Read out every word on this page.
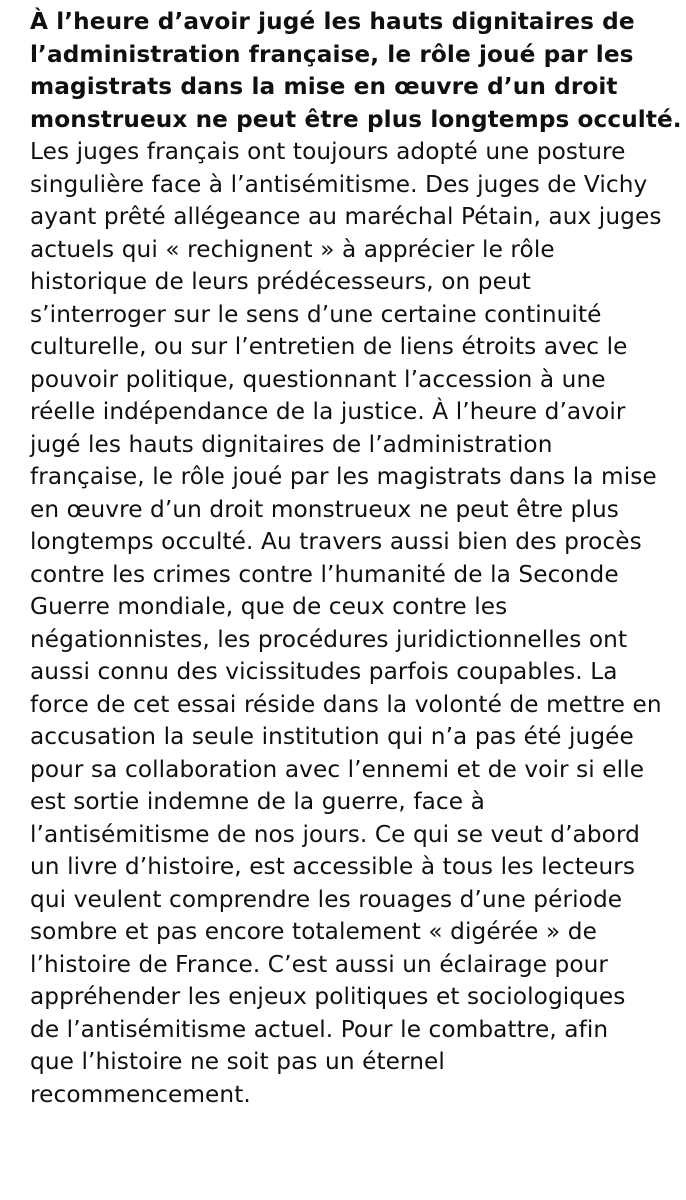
À l’heure d’avoir jugé les hauts dignitaires de
l’administration française, le rôle joué par les
magistrats dans la mise en œuvre d’un droit
monstrueux ne peut être plus longtemps occulté.
Les juges français ont toujours adopté une posture
singulière face à l’antisémitisme. Des juges de Vichy
ayant prêté allégeance au maréchal Pétain, aux juges
actuels qui « rechignent » à apprécier le rôle
historique de leurs prédécesseurs, on peut
s’interroger sur le sens d’une certaine continuité
culturelle, ou sur l’entretien de liens étroits avec le
pouvoir politique, questionnant l’accession à une
réelle indépendance de la justice. À l’heure d’avoir
jugé les hauts dignitaires de l’administration
française, le rôle joué par les magistrats dans la mise
en œuvre d’un droit monstrueux ne peut être plus
longtemps occulté. Au travers aussi bien des procès
contre les crimes contre l’humanité de la Seconde
Guerre mondiale, que de ceux contre les
négationnistes, les procédures juridictionnelles ont
aussi connu des vicissitudes parfois coupables. La
force de cet essai réside dans la volonté de mettre en
accusation la seule institution qui n’a pas été jugée
pour sa collaboration avec l’ennemi et de voir si elle
est sortie indemne de la guerre, face à
l’antisémitisme de nos jours. Ce qui se veut d’abord
un livre d’histoire, est accessible à tous les lecteurs
qui veulent comprendre les rouages d’une période
sombre et pas encore totalement « digérée » de
l’histoire de France. C’est aussi un éclairage pour
appréhender les enjeux politiques et sociologiques
de l’antisémitisme actuel. Pour le combattre, afin
que l’histoire ne soit pas un éternel
recommencement.
